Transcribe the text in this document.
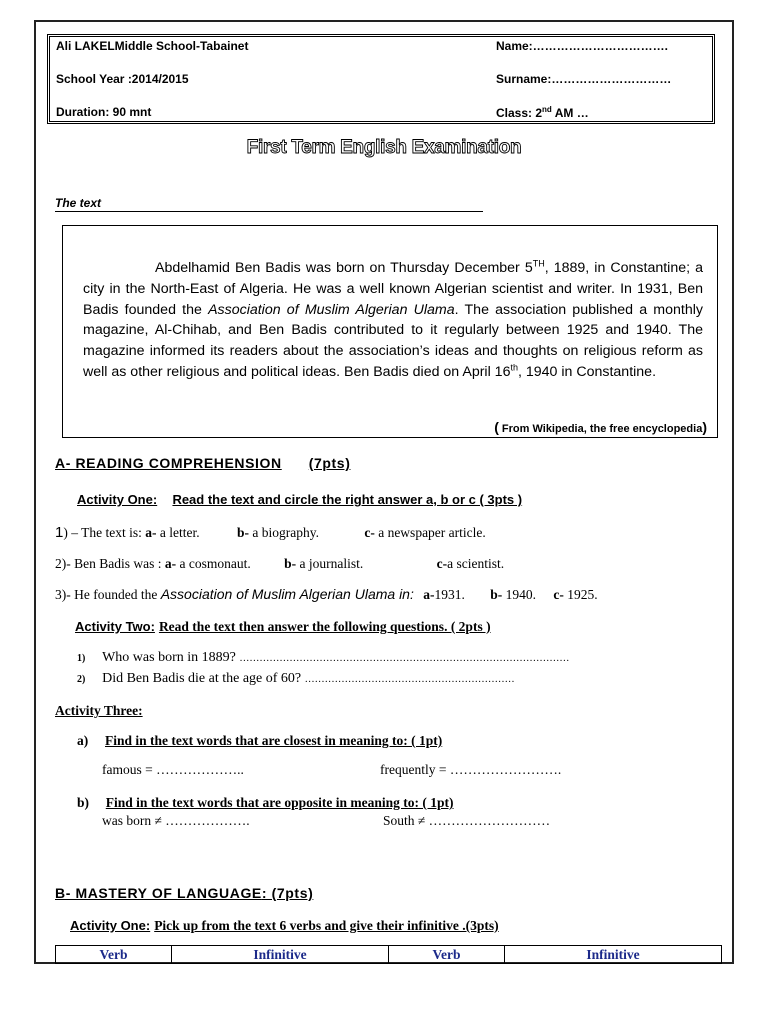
Ali LAKELMiddle School-Tabainet
School Year :2014/2015
Duration: 90 mnt
Name:…………………………….
Surname:…………………………
Class: 2nd AM …
First Term English Examination
The text

Abdelhamid Ben Badis was born on Thursday December 5TH, 1889, in Constantine; a city in the North-East of Algeria. He was a well known Algerian scientist and writer. In 1931, Ben Badis founded the Association of Muslim Algerian Ulama. The association published a monthly magazine, Al-Chihab, and Ben Badis contributed to it regularly between 1925 and 1940. The magazine informed its readers about the association’s ideas and thoughts on religious reform as well as other religious and political ideas. Ben Badis died on April 16th, 1940 in Constantine.

( From Wikipedia, the free encyclopedia)
A- READING COMPREHENSION (7pts)
Activity One: Read the text and circle the right answer a, b or c ( 3pts )
1) – The text is: a- a letter.	b- a biography.	c- a newspaper article.
2)- Ben Badis was : a- a cosmonaut. b- a journalist.	c-a scientist.
3)- He founded the Association of Muslim Algerian Ulama in: a-1931. b- 1940. c- 1925.
Activity Two: Read the text then answer the following questions. ( 2pts )
1) Who was born in 1889? ………………………………………………………………………………………
2) Did Ben Badis die at the age of 60? ………………………………………………………
Activity Three:
a) Find in the text words that are closest in meaning to: ( 1pt)
famous = ………………..	frequently = …………………….
b) Find in the text words that are opposite in meaning to: ( 1pt)
was born ≠ ……………….	South ≠ ………………………
B- MASTERY OF LANGUAGE: (7pts)
Activity One: Pick up from the text 6 verbs and give their infinitive .(3pts)
Verb	Infinitive	Verb	Infinitive
